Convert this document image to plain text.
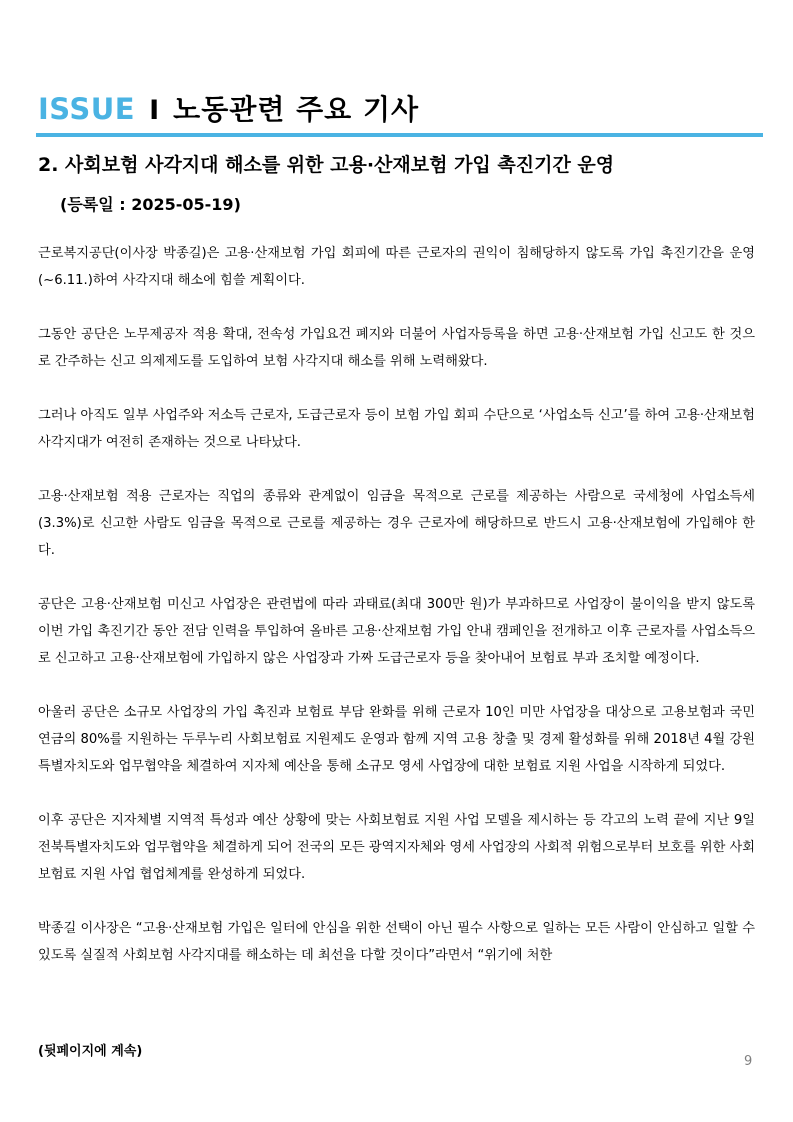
ISSUE I 노동관련 주요 기사
2. 사회보험 사각지대 해소를 위한 고용·산재보험 가입 촉진기간 운영
(등록일 : 2025-05-19)

근로복지공단(이사장 박종길)은 고용·산재보험 가입 회피에 따른 근로자의 권익이 침해당하지 않도록 가입 촉진기간을 운영(~6.11.)하여 사각지대 해소에 힘쓸 계획이다.

그동안 공단은 노무제공자 적용 확대, 전속성 가입요건 폐지와 더불어 사업자등록을 하면 고용·산재보험 가입 신고도 한 것으로 간주하는 신고 의제제도를 도입하여 보험 사각지대 해소를 위해 노력해왔다.

그러나 아직도 일부 사업주와 저소득 근로자, 도급근로자 등이 보험 가입 회피 수단으로 ‘사업소득 신고’를 하여 고용·산재보험 사각지대가 여전히 존재하는 것으로 나타났다.

고용·산재보험 적용 근로자는 직업의 종류와 관계없이 임금을 목적으로 근로를 제공하는 사람으로 국세청에 사업소득세(3.3%)로 신고한 사람도 임금을 목적으로 근로를 제공하는 경우 근로자에 해당하므로 반드시 고용·산재보험에 가입해야 한다.

공단은 고용·산재보험 미신고 사업장은 관련법에 따라 과태료(최대 300만 원)가 부과하므로 사업장이 불이익을 받지 않도록 이번 가입 촉진기간 동안 전담 인력을 투입하여 올바른 고용·산재보험 가입 안내 캠페인을 전개하고 이후 근로자를 사업소득으로 신고하고 고용·산재보험에 가입하지 않은 사업장과 가짜 도급근로자 등을 찾아내어 보험료 부과 조치할 예정이다.

아울러 공단은 소규모 사업장의 가입 촉진과 보험료 부담 완화를 위해 근로자 10인 미만 사업장을 대상으로 고용보험과 국민연금의 80%를 지원하는 두루누리 사회보험료 지원제도 운영과 함께 지역 고용 창출 및 경제 활성화를 위해 2018년 4월 강원특별자치도와 업무협약을 체결하여 지자체 예산을 통해 소규모 영세 사업장에 대한 보험료 지원 사업을 시작하게 되었다.

이후 공단은 지자체별 지역적 특성과 예산 상황에 맞는 사회보험료 지원 사업 모델을 제시하는 등 각고의 노력 끝에 지난 9일 전북특별자치도와 업무협약을 체결하게 되어 전국의 모든 광역지자체와 영세 사업장의 사회적 위험으로부터 보호를 위한 사회보험료 지원 사업 협업체계를 완성하게 되었다.

박종길 이사장은 “고용·산재보험 가입은 일터에 안심을 위한 선택이 아닌 필수 사항으로 일하는 모든 사람이 안심하고 일할 수 있도록 실질적 사회보험 사각지대를 해소하는 데 최선을 다할 것이다”라면서 “위기에 처한

(뒷페이지에 계속)
9
